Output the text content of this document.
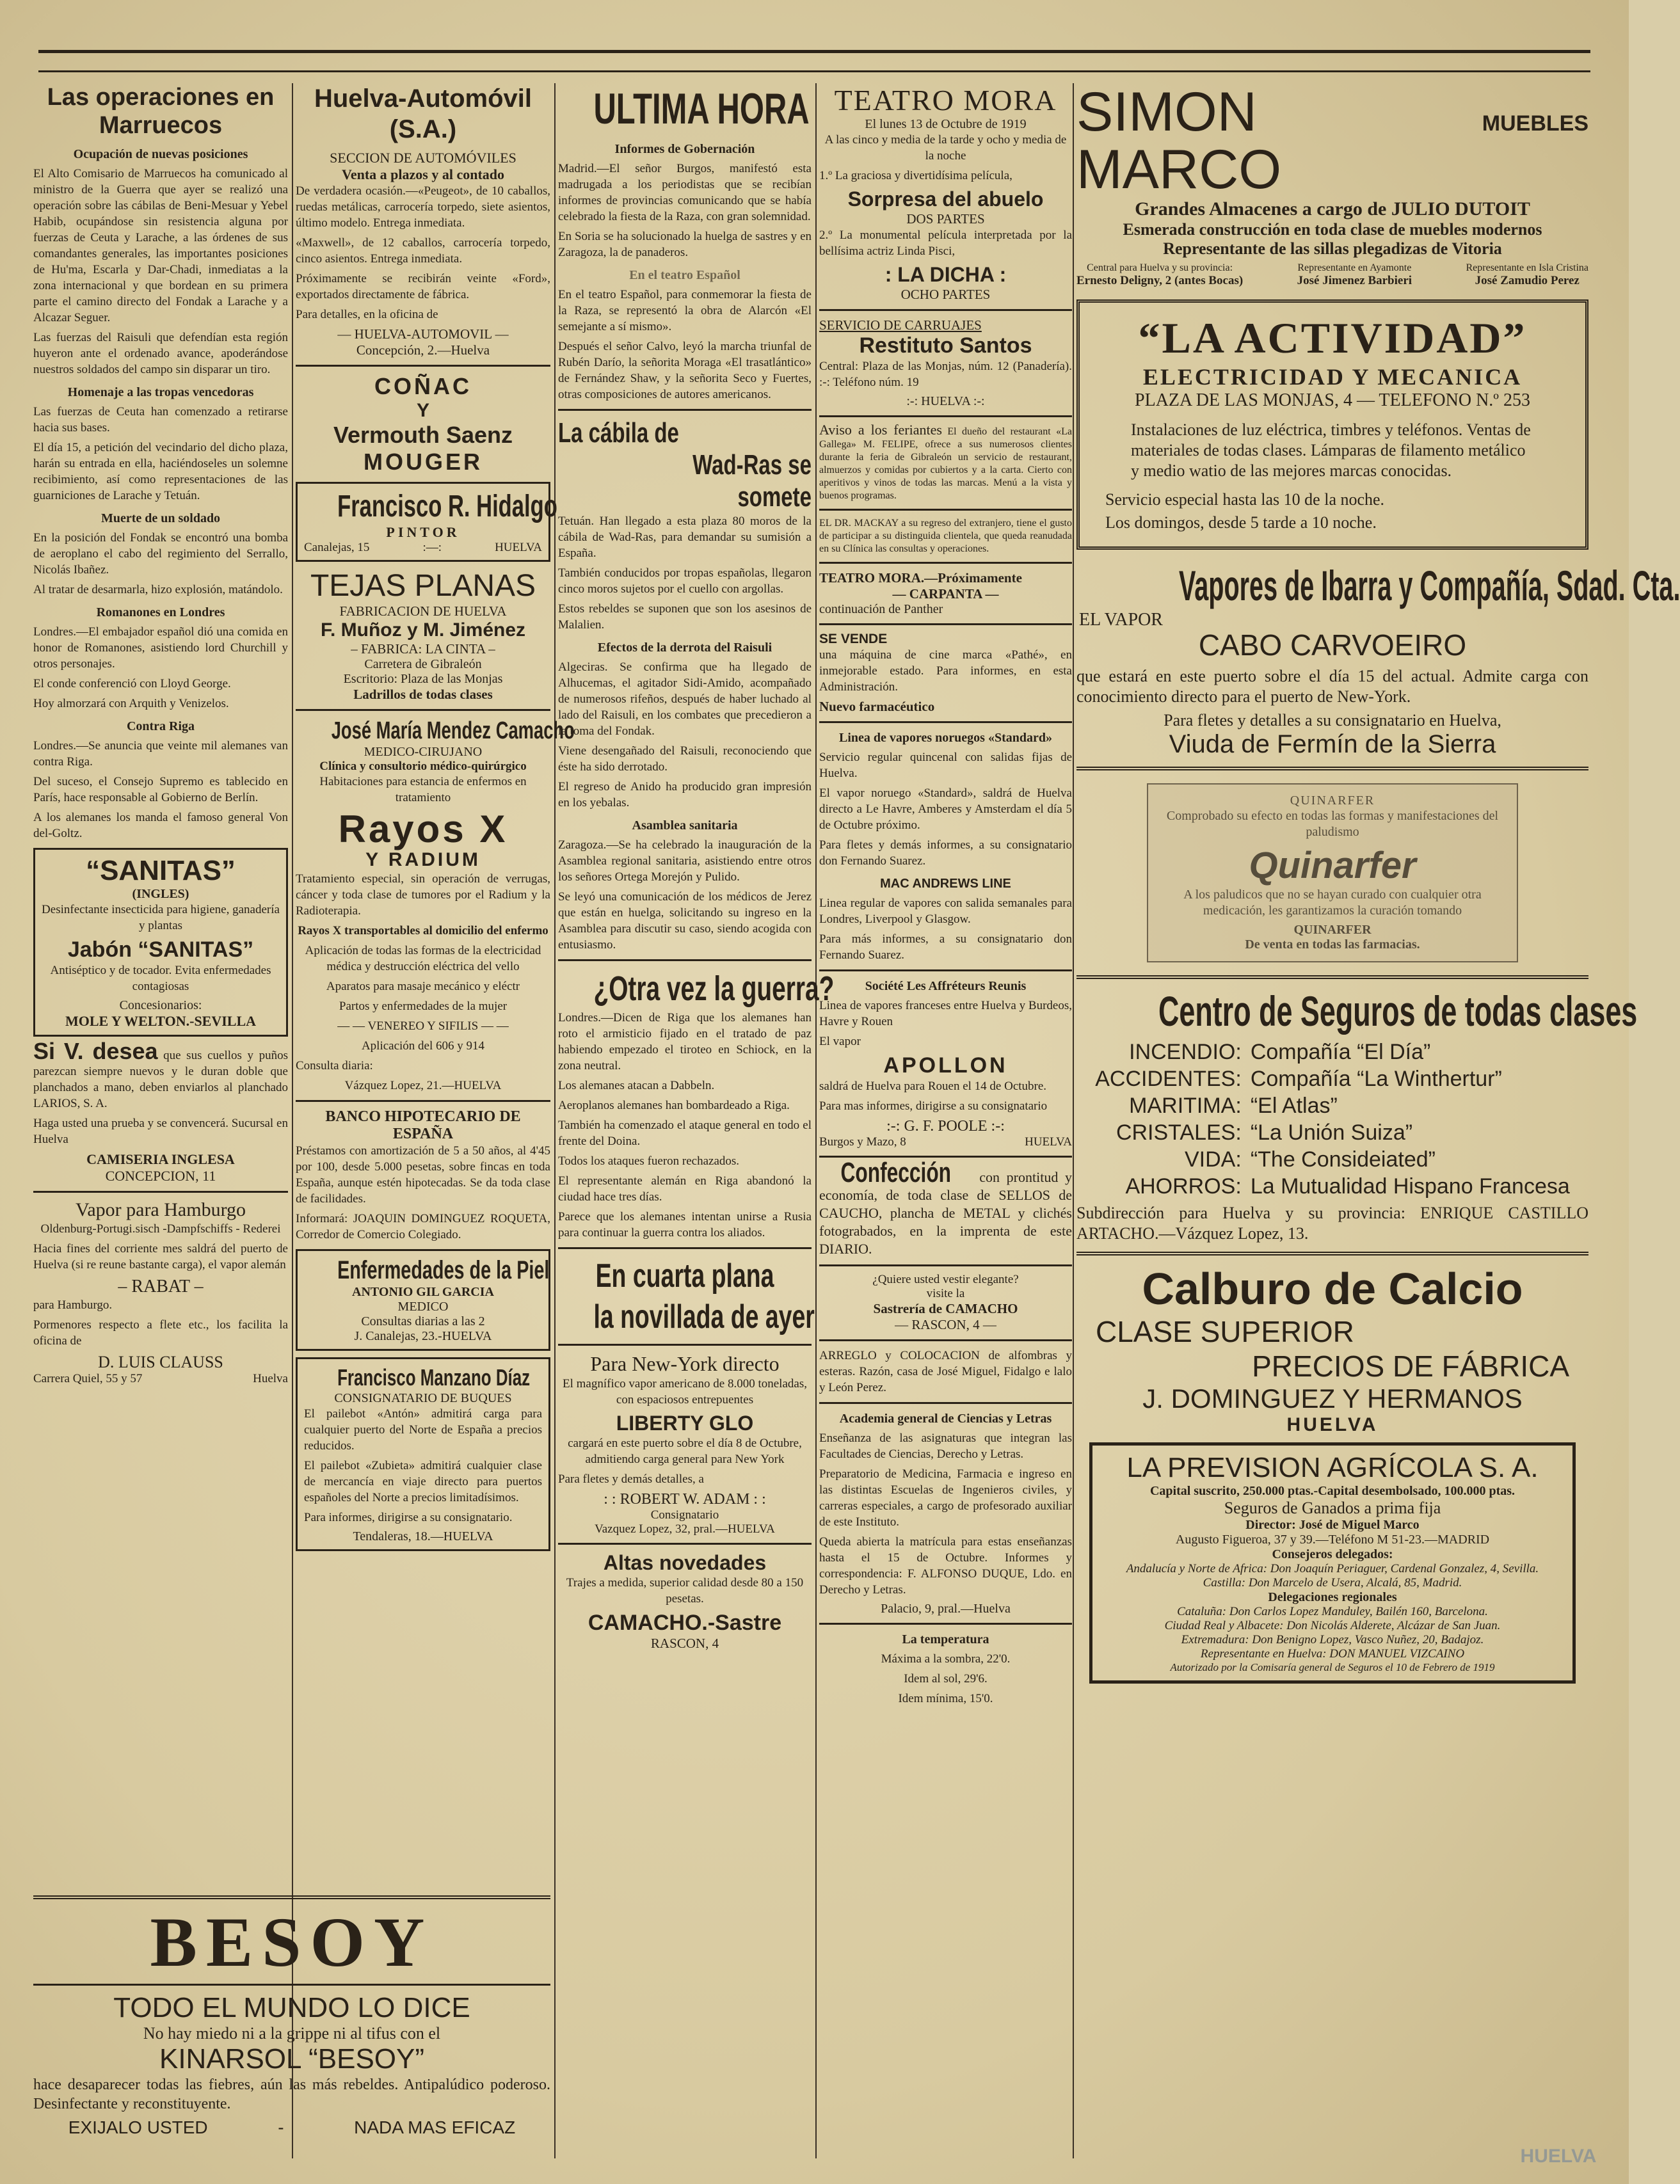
Las operaciones en Marruecos
Ocupación de nuevas posiciones

El Alto Comisario de Marruecos ha comunicado al ministro de la Guerra que ayer se realizó una operación sobre las cábilas de Beni-Mesuar y Yebel Habib, ocupándose sin resistencia alguna por fuerzas de Ceuta y Larache, a las órdenes de sus comandantes generales, las importantes posiciones de Hu'ma, Escarla y Dar-Chadi, inmediatas a la zona internacional y que bordean en su primera parte el camino directo del Fondak a Larache y a Alcazar Seguer.

Las fuerzas del Raisuli que defendían esta región huyeron ante el ordenado avance, apoderándose nuestros soldados del campo sin disparar un tiro.

Homenaje a las tropas vencedoras

Las fuerzas de Ceuta han comenzado a retirarse hacia sus bases.

El día 15, a petición del vecindario del dicho plaza, harán su entrada en ella, haciéndoseles un solemne recibimiento, así como representaciones de las guarniciones de Larache y Tetuán.

Muerte de un soldado

En la posición del Fondak se encontró una bomba de aeroplano el cabo del regimiento del Serrallo, Nicolás Ibañez.

Al tratar de desarmarla, hizo explosión, matándolo.

Romanones en Londres

Londres.—El embajador español dió una comida en honor de Romanones, asistiendo lord Churchill y otros personajes.

El conde conferenció con Lloyd George.

Hoy almorzará con Arquith y Venizelos.

Contra Riga

Londres.—Se anuncia que veinte mil alemanes van contra Riga.

Del suceso, el Consejo Supremo es tablecido en París, hace responsable al Gobierno de Berlín.

A los alemanes los manda el famoso general Von del-Goltz.

“SANITAS”
(INGLES)

Desinfectante insecticida para higiene, ganadería y plantas

Jabón “SANITAS”

Antiséptico y de tocador. Evita enfermedades contagiosas

Concesionarios:
MOLE Y WELTON.-SEVILLA

Si V. desea que sus cuellos y puños parezcan siempre nuevos y le duran doble que planchados a mano, deben enviarlos al planchado LARIOS, S. A.

Haga usted una prueba y se convencerá. Sucursal en Huelva

CAMISERIA INGLESA
CONCEPCION, 11
Vapor para Hamburgo

Oldenburg-Portugi.sisch -Dampfschiffs - Rederei

Hacia fines del corriente mes saldrá del puerto de Huelva (si re reune bastante carga), el vapor alemán

– RABAT –

para Hamburgo.

Pormenores respecto a flete etc., los facilita la oficina de

D. LUIS CLAUSS
Carrera Quiel, 55 y 57	Huelva
Huelva-Automóvil (S.A.)
SECCION DE AUTOMÓVILES
Venta a plazos y al contado

De verdadera ocasión.—«Peugeot», de 10 caballos, ruedas metálicas, carrocería torpedo, siete asientos, último modelo. Entrega inmediata.

«Maxwell», de 12 caballos, carrocería torpedo, cinco asientos. Entrega inmediata.

Próximamente se recibirán veinte «Ford», exportados directamente de fábrica.

Para detalles, en la oficina de

— HUELVA-AUTOMOVIL —
Concepción, 2.—Huelva
COÑAC
Y
Vermouth Saenz
MOUGER
Francisco R. Hidalgo
PINTOR
Canalejas, 15	:—:	HUELVA
TEJAS PLANAS
FABRICACION DE HUELVA
F. Muñoz y M. Jiménez
– FABRICA: LA CINTA –
Carretera de Gibraleón
Escritorio: Plaza de las Monjas
Ladrillos de todas clases
José María Mendez Camacho
MEDICO-CIRUJANO
Clínica y consultorio médico-quirúrgico

Habitaciones para estancia de enfermos en tratamiento

Rayos X
Y RADIUM

Tratamiento especial, sin operación de verrugas, cáncer y toda clase de tumores por el Radium y la Radioterapia.

Rayos X transportables al domicilio del enfermo

Aplicación de todas las formas de la electricidad médica y destrucción eléctrica del vello

Aparatos para masaje mecánico y eléctr

Partos y enfermedades de la mujer

— — VENEREO Y SIFILIS — —

Aplicación del 606 y 914

Consulta diaria:

Vázquez Lopez, 21.—HUELVA

BANCO HIPOTECARIO DE ESPAÑA

Préstamos con amortización de 5 a 50 años, al 4'45 por 100, desde 5.000 pesetas, sobre fincas en toda España, aunque estén hipotecadas. Se da toda clase de facilidades.

Informará: JOAQUIN DOMINGUEZ ROQUETA, Corredor de Comercio Colegiado.

Enfermedades de la Piel
ANTONIO GIL GARCIA
MEDICO
Consultas diarias a las 2
J. Canalejas, 23.-HUELVA
Francisco Manzano Díaz
CONSIGNATARIO DE BUQUES

El pailebot «Antón» admitirá carga para cualquier puerto del Norte de España a precios reducidos.

El pailebot «Zubieta» admitirá cualquier clase de mercancía en viaje directo para puertos españoles del Norte a precios limitadísimos.

Para informes, dirigirse a su consignatario.

Tendaleras, 18.—HUELVA
BESOY
TODO EL MUNDO LO DICE
No hay miedo ni a la grippe ni al tifus con el
KINARSOL “BESOY”

hace desaparecer todas las fiebres, aún las más rebeldes. Antipalúdico poderoso. Desinfectante y reconstituyente.

EXIJALO USTED	-	NADA MAS EFICAZ
ULTIMA HORA
Informes de Gobernación

Madrid.—El señor Burgos, manifestó esta madrugada a los periodistas que se recibían informes de provincias comunicando que se había celebrado la fiesta de la Raza, con gran solemnidad.

En Soria se ha solucionado la huelga de sastres y en Zaragoza, la de panaderos.

En el teatro Español

En el teatro Español, para conmemorar la fiesta de la Raza, se representó la obra de Alarcón «El semejante a sí mismo».

Después el señor Calvo, leyó la marcha triunfal de Rubén Darío, la señorita Moraga «El trasatlántico» de Fernández Shaw, y la señorita Seco y Fuertes, otras composiciones de autores americanos.

La cábila de
Wad-Ras se somete

Tetuán. Han llegado a esta plaza 80 moros de la cábila de Wad-Ras, para demandar su sumisión a España.

También conducidos por tropas españolas, llegaron cinco moros sujetos por el cuello con argollas.

Estos rebeldes se suponen que son los asesinos de Malalien.

Efectos de la derrota del Raisuli

Algeciras. Se confirma que ha llegado de Alhucemas, el agitador Sidi-Amido, acompañado de numerosos rifeños, después de haber luchado al lado del Raisuli, en los combates que precedieron a la toma del Fondak.

Viene desengañado del Raisuli, reconociendo que éste ha sido derrotado.

El regreso de Anido ha producido gran impresión en los yebalas.

Asamblea sanitaria

Zaragoza.—Se ha celebrado la inauguración de la Asamblea regional sanitaria, asistiendo entre otros los señores Ortega Morejón y Pulido.

Se leyó una comunicación de los médicos de Jerez que están en huelga, solicitando su ingreso en la Asamblea para discutir su caso, siendo acogida con entusiasmo.

¿Otra vez la guerra?

Londres.—Dicen de Riga que los alemanes han roto el armisticio fijado en el tratado de paz habiendo empezado el tiroteo en Schiock, en la zona neutral.

Los alemanes atacan a Dabbeln.

Aeroplanos alemanes han bombardeado a Riga.

También ha comenzado el ataque general en todo el frente del Doina.

Todos los ataques fueron rechazados.

El representante alemán en Riga abandonó la ciudad hace tres días.

Parece que los alemanes intentan unirse a Rusia para continuar la guerra contra los aliados.

En cuarta plana
la novillada de ayer
Para New-York directo

El magnífico vapor americano de 8.000 toneladas, con espaciosos entrepuentes

LIBERTY GLO

cargará en este puerto sobre el día 8 de Octubre, admitiendo carga general para New York

Para fletes y demás detalles, a

: : ROBERT W. ADAM : :
Consignatario
Vazquez Lopez, 32, pral.—HUELVA
Altas novedades

Trajes a medida, superior calidad desde 80 a 150 pesetas.

CAMACHO.-Sastre
RASCON, 4
TEATRO MORA
El lunes 13 de Octubre de 1919

A las cinco y media de la tarde y ocho y media de la noche

1.º La graciosa y divertidísima película,

Sorpresa del abuelo
DOS PARTES

2.º La monumental película interpretada por la bellísima actriz Linda Pisci,

: LA DICHA :
OCHO PARTES
SERVICIO DE CARRUAJES
Restituto Santos

Central: Plaza de las Monjas, núm. 12 (Panadería). :-: Teléfono núm. 19

:-: HUELVA :-:

Aviso a los feriantes El dueño del restaurant «La Gallega» M. FELIPE, ofrece a sus numerosos clientes durante la feria de Gibraleón un servicio de restaurant, almuerzos y comidas por cubiertos y a la carta. Cierto con aperitivos y vinos de todas las marcas. Menú a la vista y buenos programas.

EL DR. MACKAY a su regreso del extranjero, tiene el gusto de participar a su distinguida clientela, que queda reanudada en su Clínica las consultas y operaciones.

TEATRO MORA.—Próximamente
— CARPANTA —
continuación de Panther
SE VENDE

una máquina de cine marca «Pathé», en inmejorable estado. Para informes, en esta Administración.

Nuevo farmacéutico
Linea de vapores noruegos «Standard»

Servicio regular quincenal con salidas fijas de Huelva.

El vapor noruego «Standard», saldrá de Huelva directo a Le Havre, Amberes y Amsterdam el día 5 de Octubre próximo.

Para fletes y demás informes, a su consignatario don Fernando Suarez.

MAC ANDREWS LINE

Linea regular de vapores con salida semanales para Londres, Liverpool y Glasgow.

Para más informes, a su consignatario don Fernando Suarez.

Société Les Affréteurs Reunis

Linea de vapores franceses entre Huelva y Burdeos, Havre y Rouen

El vapor

APOLLON

saldrá de Huelva para Rouen el 14 de Octubre.

Para mas informes, dirigirse a su consignatario

:-: G. F. POOLE :-:
Burgos y Mazo, 8	HUELVA

Confección con prontitud y economía, de toda clase de SELLOS de CAUCHO, plancha de METAL y clichés fotograbados, en la imprenta de este DIARIO.

¿Quiere usted vestir elegante?
visite la
Sastrería de CAMACHO
— RASCON, 4 —

ARREGLO y COLOCACION de alfombras y esteras. Razón, casa de José Miguel, Fidalgo e lalo y León Perez.

Academia general de Ciencias y Letras

Enseñanza de las asignaturas que integran las Facultades de Ciencias, Derecho y Letras.

Preparatorio de Medicina, Farmacia e ingreso en las distintas Escuelas de Ingenieros civiles, y carreras especiales, a cargo de profesorado auxiliar de este Instituto.

Queda abierta la matrícula para estas enseñanzas hasta el 15 de Octubre. Informes y correspondencia: F. ALFONSO DUQUE, Ldo. en Derecho y Letras.

Palacio, 9, pral.—Huelva
La temperatura

Máxima a la sombra, 22'0.

Idem al sol, 29'6.

Idem mínima, 15'0.

SIMON MARCO
MUEBLES
Grandes Almacenes a cargo de JULIO DUTOIT
Esmerada construcción en toda clase de muebles modernos
Representante de las sillas plegadizas de Vitoria
Central para Huelva y su provincia:
Ernesto Deligny, 2 (antes Bocas)
Representante en Ayamonte
José Jimenez Barbieri
Representante en Isla Cristina
José Zamudio Perez
“LA ACTIVIDAD”
ELECTRICIDAD Y MECANICA
PLAZA DE LAS MONJAS, 4 — TELEFONO N.º 253
Instalaciones de luz eléctrica, timbres y teléfonos. Ventas de materiales de todas clases. Lámparas de filamento metálico y medio watio de las mejores marcas conocidas.
Servicio especial hasta las 10 de la noche.
Los domingos, desde 5 tarde a 10 noche.
Vapores de Ibarra y Compañía, Sdad. Cta.
EL VAPOR
CABO CARVOEIRO

que estará en este puerto sobre el día 15 del actual. Admite carga con conocimiento directo para el puerto de New-York.

Para fletes y detalles a su consignatario en Huelva,
Viuda de Fermín de la Sierra
QUINARFER

Comprobado su efecto en todas las formas y manifestaciones del paludismo

Quinarfer

A los paludicos que no se hayan curado con cualquier otra medicación, les garantizamos la curación tomando

QUINARFER
De venta en todas las farmacias.
Centro de Seguros de todas clases
INCENDIO:	Compañía “El Día”
ACCIDENTES:	Compañía “La Winthertur”
MARITIMA:	“El Atlas”
CRISTALES:	“La Unión Suiza”
VIDA:	“The Consideiated”
AHORROS:	La Mutualidad Hispano Francesa

Subdirección para Huelva y su provincia: ENRIQUE CASTILLO ARTACHO.—Vázquez Lopez, 13.

Calburo de Calcio
CLASE SUPERIOR
PRECIOS DE FÁBRICA
J. DOMINGUEZ Y HERMANOS
HUELVA
LA PREVISION AGRÍCOLA S. A.
Capital suscrito, 250.000 ptas.-Capital desembolsado, 100.000 ptas.
Seguros de Ganados a prima fija
Director: José de Miguel Marco
Augusto Figueroa, 37 y 39.—Teléfono M 51-23.—MADRID
Consejeros delegados:
Andalucía y Norte de Africa: Don Joaquín Periaguer, Cardenal Gonzalez, 4, Sevilla.
Castilla: Don Marcelo de Usera, Alcalá, 85, Madrid.
Delegaciones regionales
Cataluña: Don Carlos Lopez Manduley, Bailén 160, Barcelona.
Ciudad Real y Albacete: Don Nicolás Alderete, Alcázar de San Juan.
Extremadura: Don Benigno Lopez, Vasco Nuñez, 20, Badajoz.
Representante en Huelva: DON MANUEL VIZCAINO
Autorizado por la Comisaría general de Seguros el 10 de Febrero de 1919
HUELVA
